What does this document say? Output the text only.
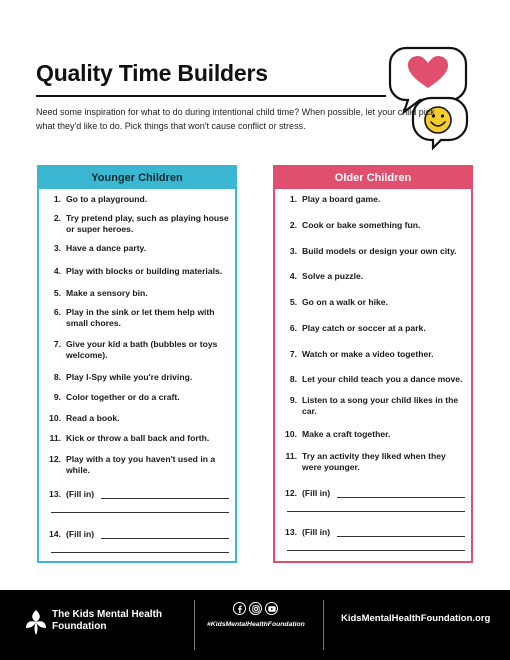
Quality Time Builders

Need some inspiration for what to do during intentional child time? When possible, let your child pick what they'd like to do. Pick things that won't cause conflict or stress.

Younger Children
1. Go to a playground.
2. Try pretend play, such as playing house or super heroes.
3. Have a dance party.
4. Play with blocks or building materials.
5. Make a sensory bin.
6. Play in the sink or let them help with small chores.
7. Give your kid a bath (bubbles or toys welcome).
8. Play I-Spy while you're driving.
9. Color together or do a craft.
10. Read a book.
11. Kick or throw a ball back and forth.
12. Play with a toy you haven't used in a while.
13. (Fill in)
14. (Fill in)
Older Children
1. Play a board game.
2. Cook or bake something fun.
3. Build models or design your own city.
4. Solve a puzzle.
5. Go on a walk or hike.
6. Play catch or soccer at a park.
7. Watch or make a video together.
8. Let your child teach you a dance move.
9. Listen to a song your child likes in the car.
10. Make a craft together.
11. Try an activity they liked when they were younger.
12. (Fill in)
13. (Fill in)
The Kids Mental Health
Foundation	#KidsMentalHealthFoundation
KidsMentalHealthFoundation.org
